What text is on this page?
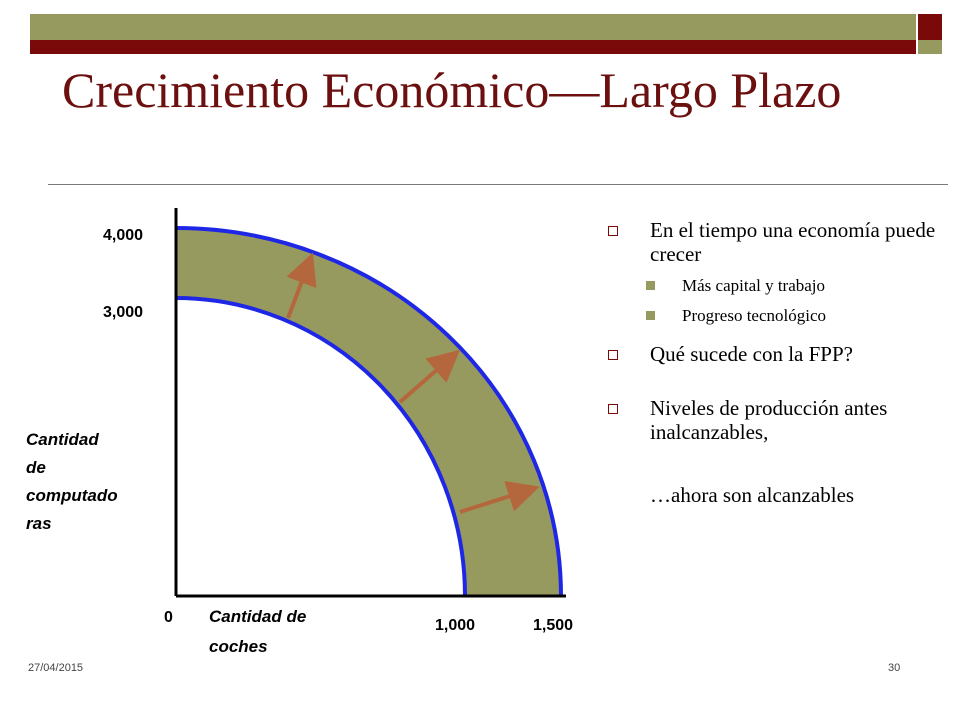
Crecimiento Económico—Largo Plazo
4,000
3,000
0	1,000	1,500
Cantidad de computado ras
Cantidad de coches
En el tiempo una economía puede crecer
Más capital y trabajo
Progreso tecnológico
Qué sucede con la FPP?
Niveles de producción antes inalcanzables,
…ahora son alcanzables
27/04/2015	30
